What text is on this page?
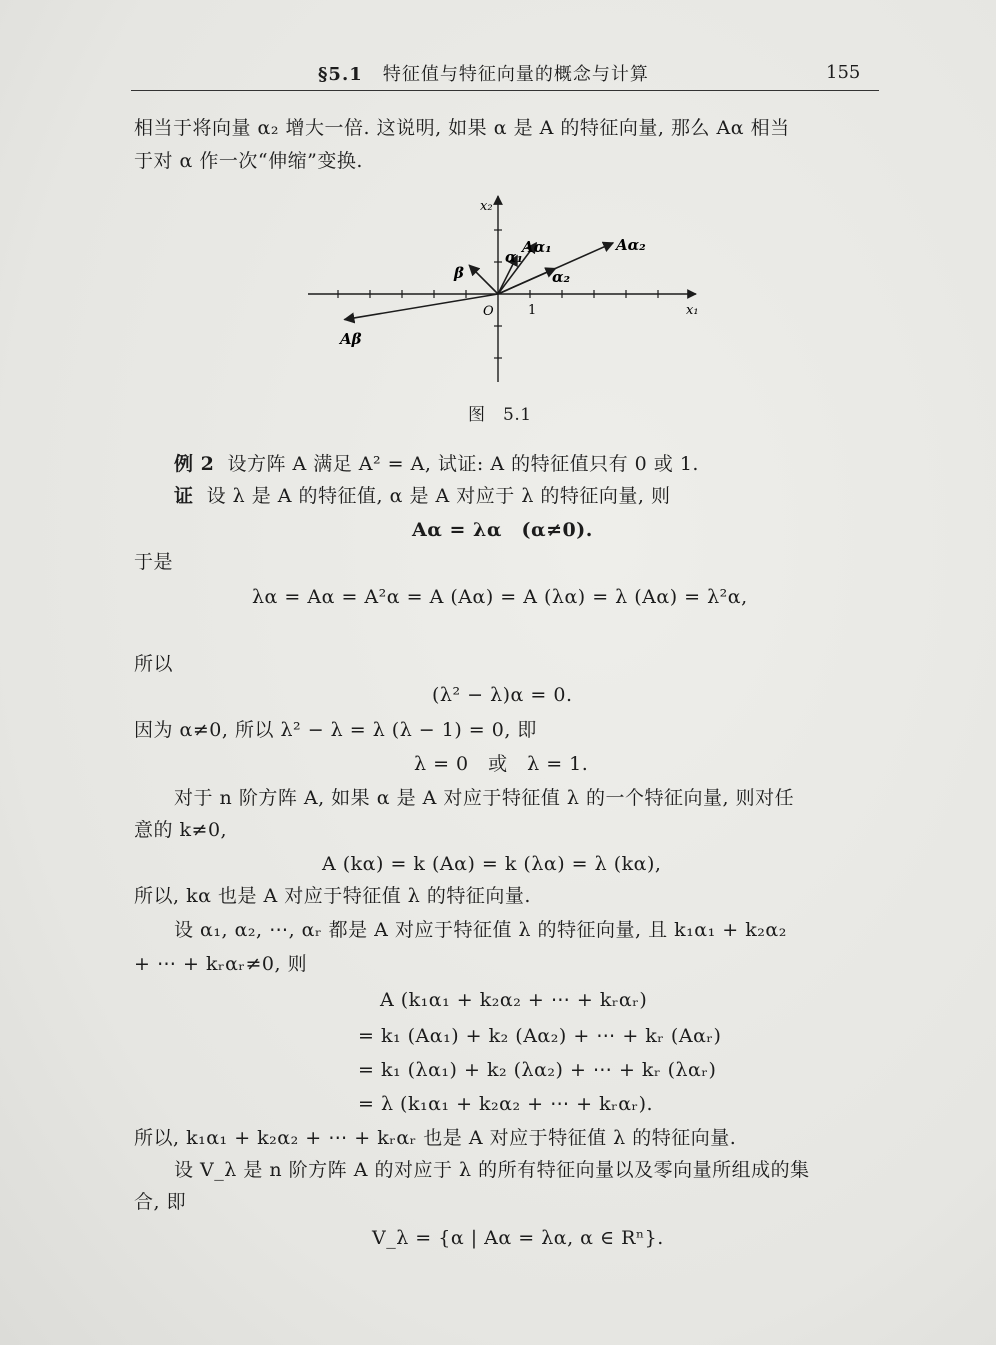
§5.1 特征值与特征向量的概念与计算	155
相当于将向量 α₂ 增大一倍. 这说明, 如果 α 是 A 的特征向量, 那么 Aα 相当
于对 α 作一次“伸缩”变换.
x₂
x₁
O	1
α₁
Aα₁
α₂
Aα₂
β
Aβ
图　5.1
例 2 设方阵 A 满足 A² = A, 试证: A 的特征值只有 0 或 1.
证 设 λ 是 A 的特征值, α 是 A 对应于 λ 的特征向量, 则
Aα = λα　(α≠0).
于是
λα = Aα = A²α = A (Aα) = A (λα) = λ (Aα) = λ²α,
所以
(λ² − λ)α = 0.
因为 α≠0, 所以 λ² − λ = λ (λ − 1) = 0, 即
λ = 0　或　λ = 1.
对于 n 阶方阵 A, 如果 α 是 A 对应于特征值 λ 的一个特征向量, 则对任
意的 k≠0,
A (kα) = k (Aα) = k (λα) = λ (kα),
所以, kα 也是 A 对应于特征值 λ 的特征向量.
设 α₁, α₂, ⋯, αᵣ 都是 A 对应于特征值 λ 的特征向量, 且 k₁α₁ + k₂α₂
+ ⋯ + kᵣαᵣ≠0, 则
A (k₁α₁ + k₂α₂ + ⋯ + kᵣαᵣ)
= k₁ (Aα₁) + k₂ (Aα₂) + ⋯ + kᵣ (Aαᵣ)
= k₁ (λα₁) + k₂ (λα₂) + ⋯ + kᵣ (λαᵣ)
= λ (k₁α₁ + k₂α₂ + ⋯ + kᵣαᵣ).
所以, k₁α₁ + k₂α₂ + ⋯ + kᵣαᵣ 也是 A 对应于特征值 λ 的特征向量.
设 V_λ 是 n 阶方阵 A 的对应于 λ 的所有特征向量以及零向量所组成的集
合, 即
V_λ = {α | Aα = λα, α ∈ Rⁿ}.
